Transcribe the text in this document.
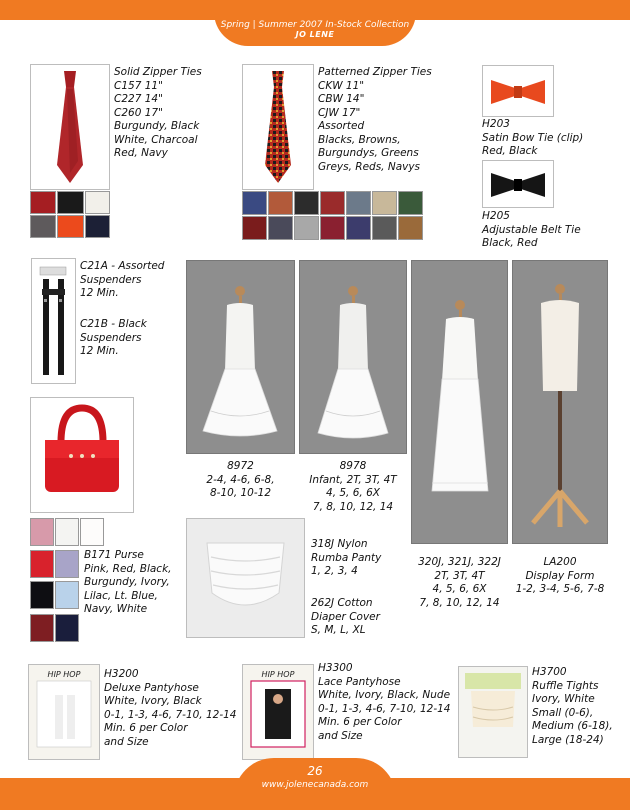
Spring | Summer 2007 In-Stock Collection
JO LENE
Solid Zipper Ties
C157 11"
C227 14"
C260 17"
Burgundy, Black
White, Charcoal
Red, Navy
Patterned Zipper Ties
CKW 11"
CBW 14"
CJW 17"
Assorted
Blacks, Browns,
Burgundys, Greens
Greys, Reds, Navys
H203
Satin Bow Tie (clip)
Red, Black
H205
Adjustable Belt Tie
Black, Red
C21A - Assorted
Suspenders
12 Min.
C21B - Black
Suspenders
12 Min.
8972
2-4, 4-6, 6-8,
8-10, 10-12
8978
Infant, 2T, 3T, 4T
4, 5, 6, 6X
7, 8, 10, 12, 14
320J, 321J, 322J
2T, 3T, 4T
4, 5, 6, 6X
7, 8, 10, 12, 14
LA200
Display Form
1-2, 3-4, 5-6, 7-8
B171 Purse
Pink, Red, Black,
Burgundy, Ivory,
Lilac, Lt. Blue,
Navy, White
318J Nylon
Rumba Panty
1, 2, 3, 4
262J Cotton
Diaper Cover
S, M, L, XL
HIP HOP H3200
Deluxe Pantyhose
White, Ivory, Black
0-1, 1-3, 4-6, 7-10, 12-14
Min. 6 per Color
and Size
HIP HOP
H3300
Lace Pantyhose
White, Ivory, Black, Nude
0-1, 1-3, 4-6, 7-10, 12-14
Min. 6 per Color
and Size
H3700
Ruffle Tights
Ivory, White
Small (0-6),
Medium (6-18),
Large (18-24)
26
www.jolenecanada.com
